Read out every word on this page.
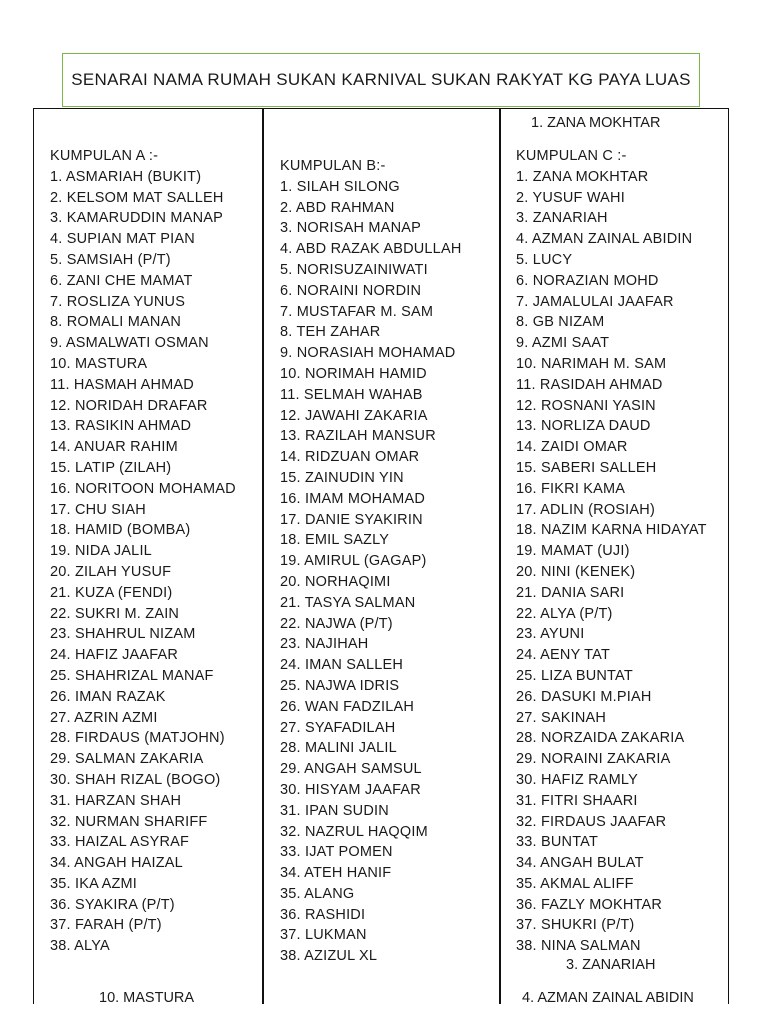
SENARAI NAMA RUMAH SUKAN KARNIVAL SUKAN RAKYAT KG PAYA LUAS
1. ZANA MOKHTAR
KUMPULAN A :-
1. ASMARIAH (BUKIT)
2. KELSOM MAT SALLEH
3. KAMARUDDIN MANAP
4. SUPIAN MAT PIAN
5. SAMSIAH (P/T)
6. ZANI CHE MAMAT
7. ROSLIZA YUNUS
8. ROMALI MANAN
9. ASMALWATI OSMAN
10. MASTURA
11. HASMAH AHMAD
12. NORIDAH DRAFAR
13. RASIKIN AHMAD
14. ANUAR RAHIM
15. LATIP (ZILAH)
16. NORITOON MOHAMAD
17. CHU SIAH
18. HAMID (BOMBA)
19. NIDA JALIL
20. ZILAH YUSUF
21. KUZA (FENDI)
22. SUKRI M. ZAIN
23. SHAHRUL NIZAM
24. HAFIZ JAAFAR
25. SHAHRIZAL MANAF
26. IMAN RAZAK
27. AZRIN AZMI
28. FIRDAUS (MATJOHN)
29. SALMAN ZAKARIA
30. SHAH RIZAL (BOGO)
31. HARZAN SHAH
32. NURMAN SHARIFF
33. HAIZAL ASYRAF
34. ANGAH HAIZAL
35. IKA AZMI
36. SYAKIRA (P/T)
37. FARAH (P/T)
38. ALYA
KUMPULAN B:-
1. SILAH SILONG
2. ABD RAHMAN
3. NORISAH MANAP
4. ABD RAZAK ABDULLAH
5. NORISUZAINIWATI
6. NORAINI NORDIN
7. MUSTAFAR M. SAM
8. TEH ZAHAR
9. NORASIAH MOHAMAD
10. NORIMAH HAMID
11. SELMAH WAHAB
12. JAWAHI ZAKARIA
13. RAZILAH MANSUR
14. RIDZUAN OMAR
15. ZAINUDIN YIN
16. IMAM MOHAMAD
17. DANIE SYAKIRIN
18. EMIL SAZLY
19. AMIRUL (GAGAP)
20. NORHAQIMI
21. TASYA SALMAN
22. NAJWA (P/T)
23. NAJIHAH
24. IMAN SALLEH
25. NAJWA IDRIS
26. WAN FADZILAH
27. SYAFADILAH
28. MALINI JALIL
29. ANGAH SAMSUL
30. HISYAM JAAFAR
31. IPAN SUDIN
32. NAZRUL HAQQIM
33. IJAT POMEN
34. ATEH HANIF
35. ALANG
36. RASHIDI
37. LUKMAN
38. AZIZUL XL
KUMPULAN C :-
1. ZANA MOKHTAR
2. YUSUF WAHI
3. ZANARIAH
4. AZMAN ZAINAL ABIDIN
5. LUCY
6. NORAZIAN MOHD
7. JAMALULAI JAAFAR
8. GB NIZAM
9. AZMI SAAT
10. NARIMAH M. SAM
11. RASIDAH AHMAD
12. ROSNANI YASIN
13. NORLIZA DAUD
14. ZAIDI OMAR
15. SABERI SALLEH
16. FIKRI KAMA
17. ADLIN (ROSIAH)
18. NAZIM KARNA HIDAYAT
19. MAMAT (UJI)
20. NINI (KENEK)
21. DANIA SARI
22. ALYA (P/T)
23. AYUNI
24. AENY TAT
25. LIZA BUNTAT
26. DASUKI M.PIAH
27. SAKINAH
28. NORZAIDA ZAKARIA
29. NORAINI ZAKARIA
30. HAFIZ RAMLY
31. FITRI SHAARI
32. FIRDAUS JAAFAR
33. BUNTAT
34. ANGAH BULAT
35. AKMAL ALIFF
36. FAZLY MOKHTAR
37. SHUKRI (P/T)
38. NINA SALMAN
3. ZANARIAH
4. AZMAN ZAINAL ABIDIN
10. MASTURA
